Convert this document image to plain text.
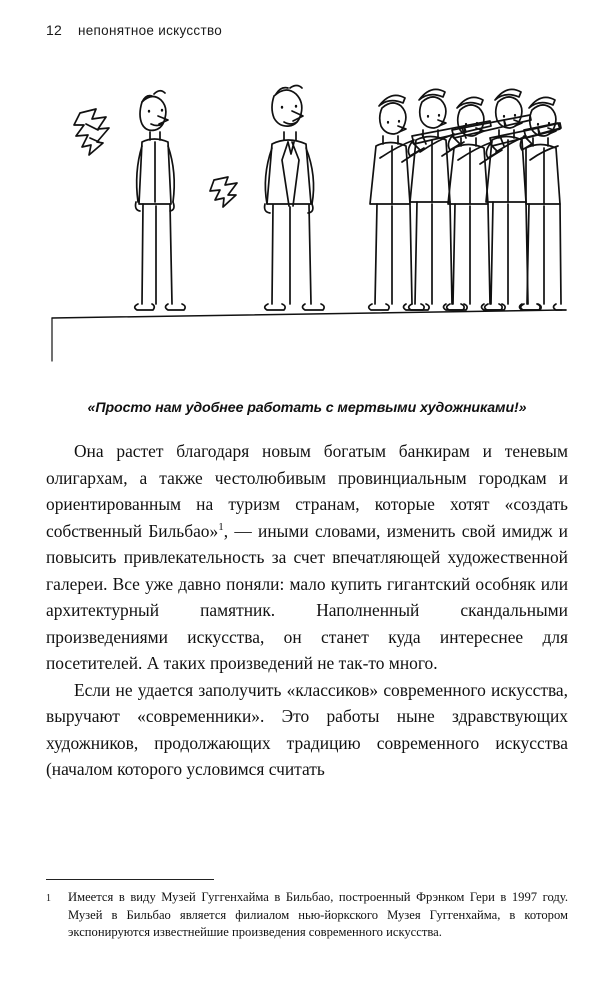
12 непонятное искусство
«Просто нам удобнее работать с мертвыми художниками!»

Она растет благодаря новым богатым банкирам и теневым олигархам, а также честолюбивым провинциальным городкам и ориентированным на туризм странам, которые хотят «создать собственный Бильбао»$^1$, — иными словами, изменить свой имидж и повысить привлекательность за счет впечатляющей художественной галереи. Все уже давно поняли: мало купить гигантский особняк или архитектурный памятник. Наполненный скандальными произведениями искусства, он станет куда интереснее для посетителей. А таких произведений не так-то много.

Если не удается заполучить «классиков» современного искусства, выручают «современники». Это работы ныне здравствующих художников, продолжающих традицию современного искусства (началом которого условимся считать

1	Имеется в виду Музей Гуггенхайма в Бильбао, построенный Фрэнком Гери в 1997 году. Музей в Бильбао является филиалом нью-йоркского Музея Гуггенхайма, в котором экспонируются известнейшие произведения современного искусства.
